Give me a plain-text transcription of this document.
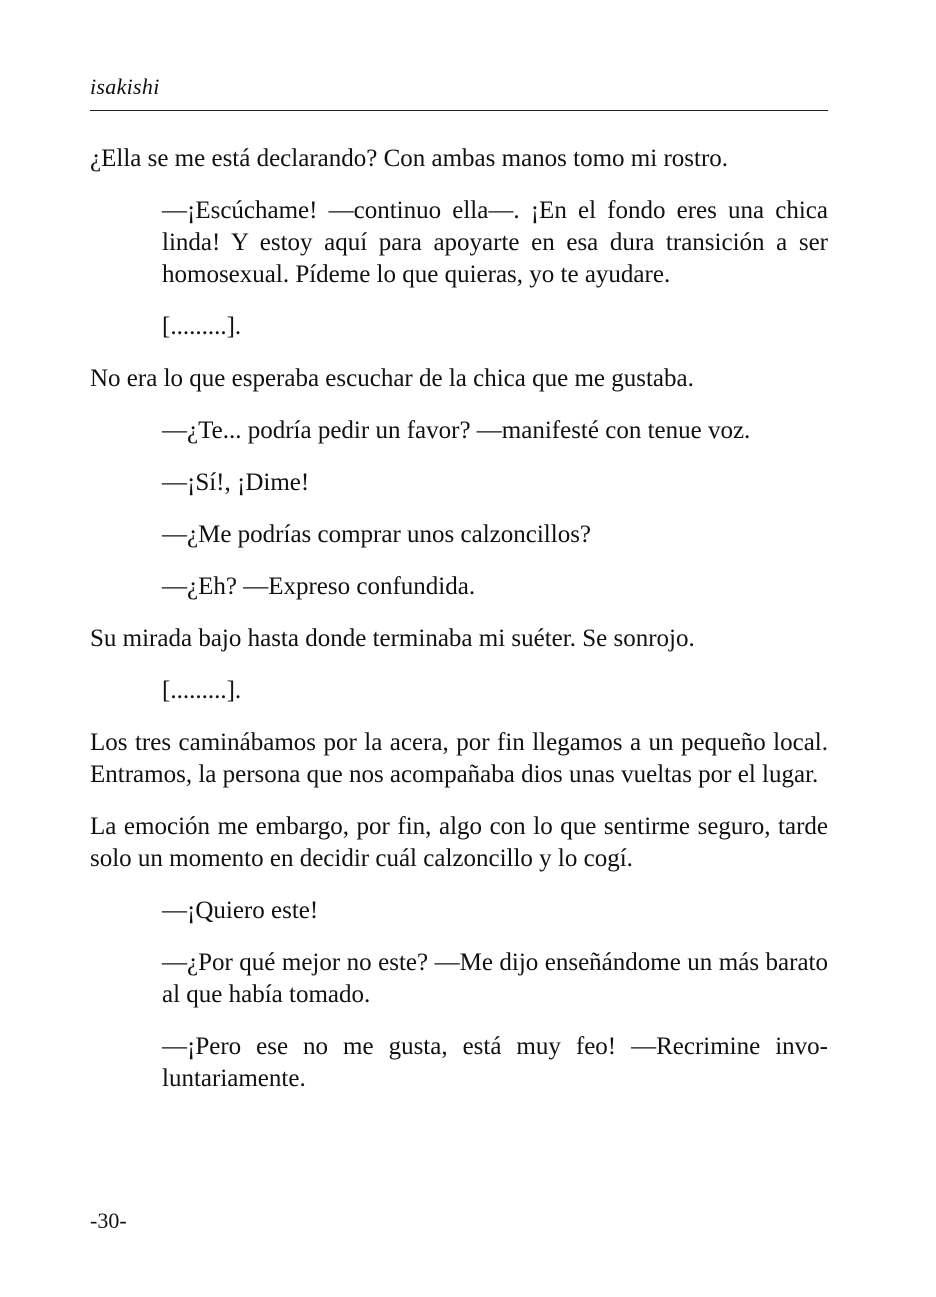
isakishi

¿Ella se me está declarando? Con ambas manos tomo mi rostro.

—¡Escúchame! —continuo ella—. ¡En el fondo eres una chica linda! Y estoy aquí para apoyarte en esa dura transición a ser homosexual. Pídeme lo que quieras, yo te ayudare.

[.........].

No era lo que esperaba escuchar de la chica que me gustaba.

—¿Te... podría pedir un favor? —manifesté con tenue voz.

—¡Sí!, ¡Dime!

—¿Me podrías comprar unos calzoncillos?

—¿Eh? —Expreso confundida.

Su mirada bajo hasta donde terminaba mi suéter. Se sonrojo.

[.........].

Los tres caminábamos por la acera, por fin llegamos a un pequeño local. Entramos, la persona que nos acompañaba dios unas vueltas por el lugar.

La emoción me embargo, por fin, algo con lo que sentirme seguro, tarde solo un momento en decidir cuál calzoncillo y lo cogí.

—¡Quiero este!

—¿Por qué mejor no este? —Me dijo enseñándome un más barato al que había tomado.

—¡Pero ese no me gusta, está muy feo! —Recrimine involuntariamente.

-30-
